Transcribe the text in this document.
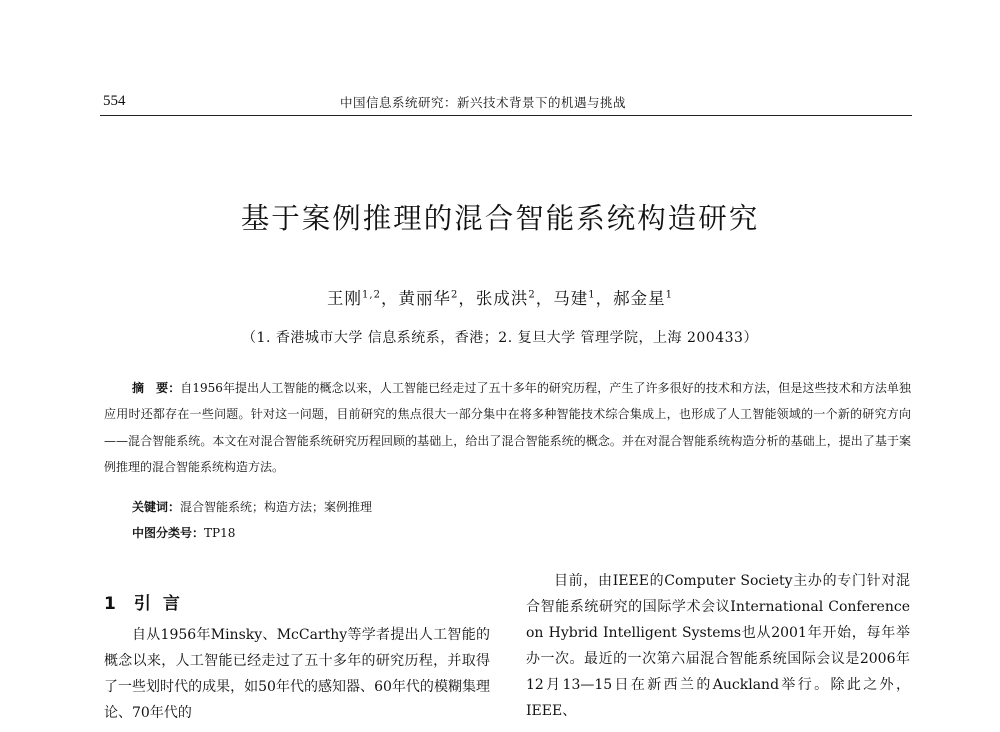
554	中国信息系统研究：新兴技术背景下的机遇与挑战
基于案例推理的混合智能系统构造研究
王刚$^{1,2}$，黄丽华$^2$，张成洪$^2$，马建$^1$，郝金星$^1$
（1. 香港城市大学 信息系统系，香港；2. 复旦大学 管理学院，上海 200433）
摘　要：自1956年提出人工智能的概念以来，人工智能已经走过了五十多年的研究历程，产生了许多很好的技术和方法，但是这些技术和方法单独应用时还都存在一些问题。针对这一问题，目前研究的焦点很大一部分集中在将多种智能技术综合集成上，也形成了人工智能领域的一个新的研究方向——混合智能系统。本文在对混合智能系统研究历程回顾的基础上，给出了混合智能系统的概念。并在对混合智能系统构造分析的基础上，提出了基于案例推理的混合智能系统构造方法。
关键词：混合智能系统；构造方法；案例推理
中图分类号：TP18
1 引言
自从1956年Minsky、McCarthy等学者提出人工智能的概念以来，人工智能已经走过了五十多年的研究历程，并取得了一些划时代的成果，如50年代的感知器、60年代的模糊集理论、70年代的
目前，由IEEE的Computer Society主办的专门针对混合智能系统研究的国际学术会议International Conference on Hybrid Intelligent Systems也从2001年开始，每年举办一次。最近的一次第六届混合智能系统国际会议是2006年12月13—15日在新西兰的Auckland举行。除此之外，IEEE、
